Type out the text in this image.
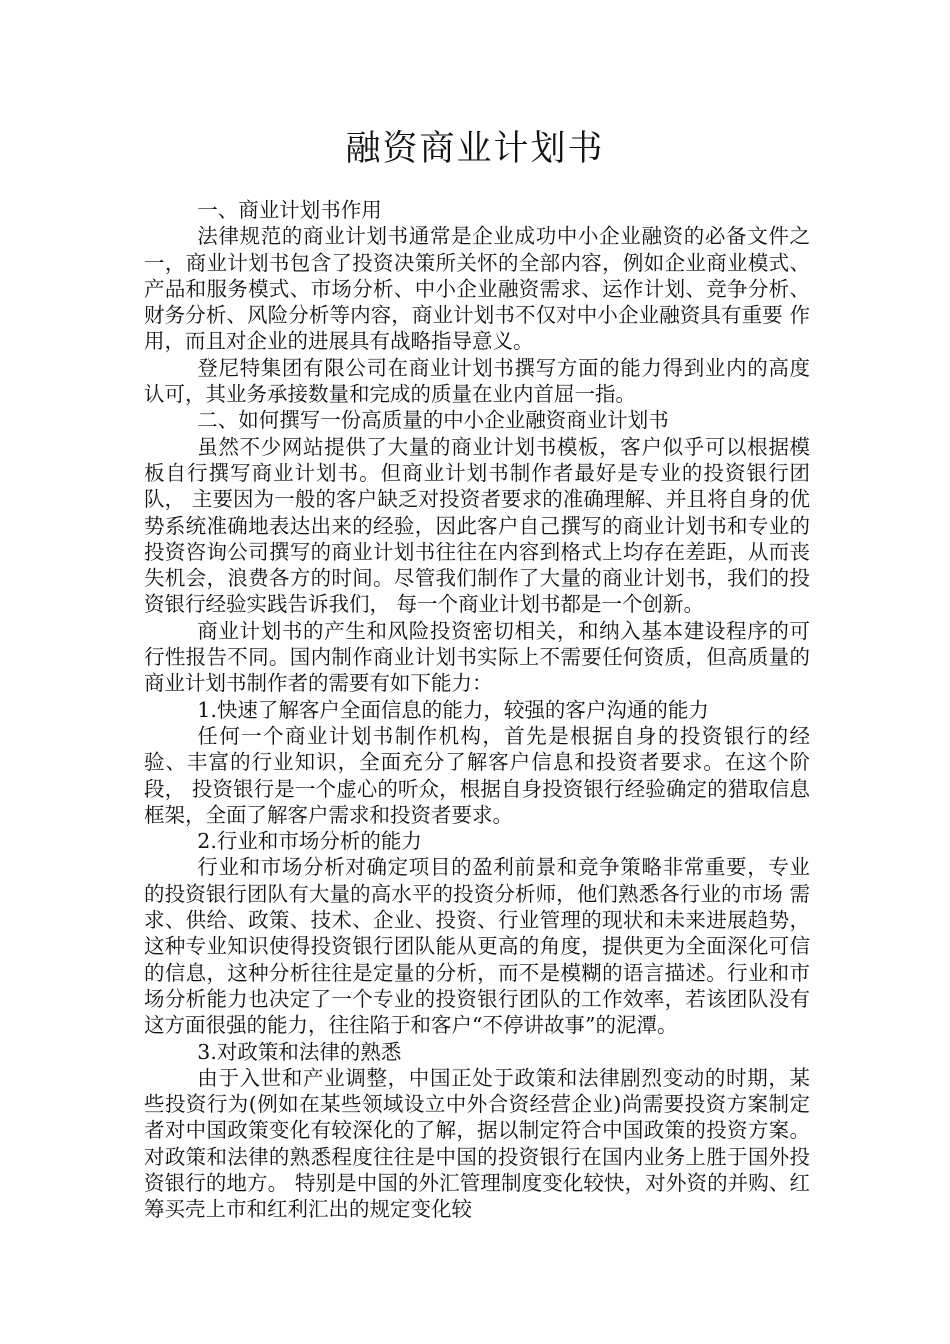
融资商业计划书

一、商业计划书作用

法律规范的商业计划书通常是企业成功中小企业融资的必备文件之一，商业计划书包含了投资决策所关怀的全部内容，例如企业商业模式、产品和服务模式、市场分析、中小企业融资需求、运作计划、竞争分析、财务分析、风险分析等内容，商业计划书不仅对中小企业融资具有重要 作用，而且对企业的进展具有战略指导意义。

登尼特集团有限公司在商业计划书撰写方面的能力得到业内的高度认可，其业务承接数量和完成的质量在业内首屈一指。

二、如何撰写一份高质量的中小企业融资商业计划书

虽然不少网站提供了大量的商业计划书模板，客户似乎可以根据模板自行撰写商业计划书。但商业计划书制作者最好是专业的投资银行团队， 主要因为一般的客户缺乏对投资者要求的准确理解、并且将自身的优势系统准确地表达出来的经验，因此客户自己撰写的商业计划书和专业的投资咨询公司撰写的商业计划书往往在内容到格式上均存在差距，从而丧失机会，浪费各方的时间。尽管我们制作了大量的商业计划书，我们的投资银行经验实践告诉我们， 每一个商业计划书都是一个创新。

商业计划书的产生和风险投资密切相关，和纳入基本建设程序的可行性报告不同。国内制作商业计划书实际上不需要任何资质，但高质量的商业计划书制作者的需要有如下能力：

1.快速了解客户全面信息的能力，较强的客户沟通的能力

任何一个商业计划书制作机构，首先是根据自身的投资银行的经验、丰富的行业知识，全面充分了解客户信息和投资者要求。在这个阶段， 投资银行是一个虚心的听众，根据自身投资银行经验确定的猎取信息框架，全面了解客户需求和投资者要求。

2.行业和市场分析的能力

行业和市场分析对确定项目的盈利前景和竞争策略非常重要，专业的投资银行团队有大量的高水平的投资分析师，他们熟悉各行业的市场 需求、供给、政策、技术、企业、投资、行业管理的现状和未来进展趋势，这种专业知识使得投资银行团队能从更高的角度，提供更为全面深化可信的信息，这种分析往往是定量的分析，而不是模糊的语言描述。行业和市场分析能力也决定了一个专业的投资银行团队的工作效率，若该团队没有这方面很强的能力，往往陷于和客户“不停讲故事”的泥潭。

3.对政策和法律的熟悉

由于入世和产业调整，中国正处于政策和法律剧烈变动的时期，某些投资行为(例如在某些领域设立中外合资经营企业)尚需要投资方案制定者对中国政策变化有较深化的了解，据以制定符合中国政策的投资方案。对政策和法律的熟悉程度往往是中国的投资银行在国内业务上胜于国外投资银行的地方。 特别是中国的外汇管理制度变化较快，对外资的并购、红筹买壳上市和红利汇出的规定变化较
